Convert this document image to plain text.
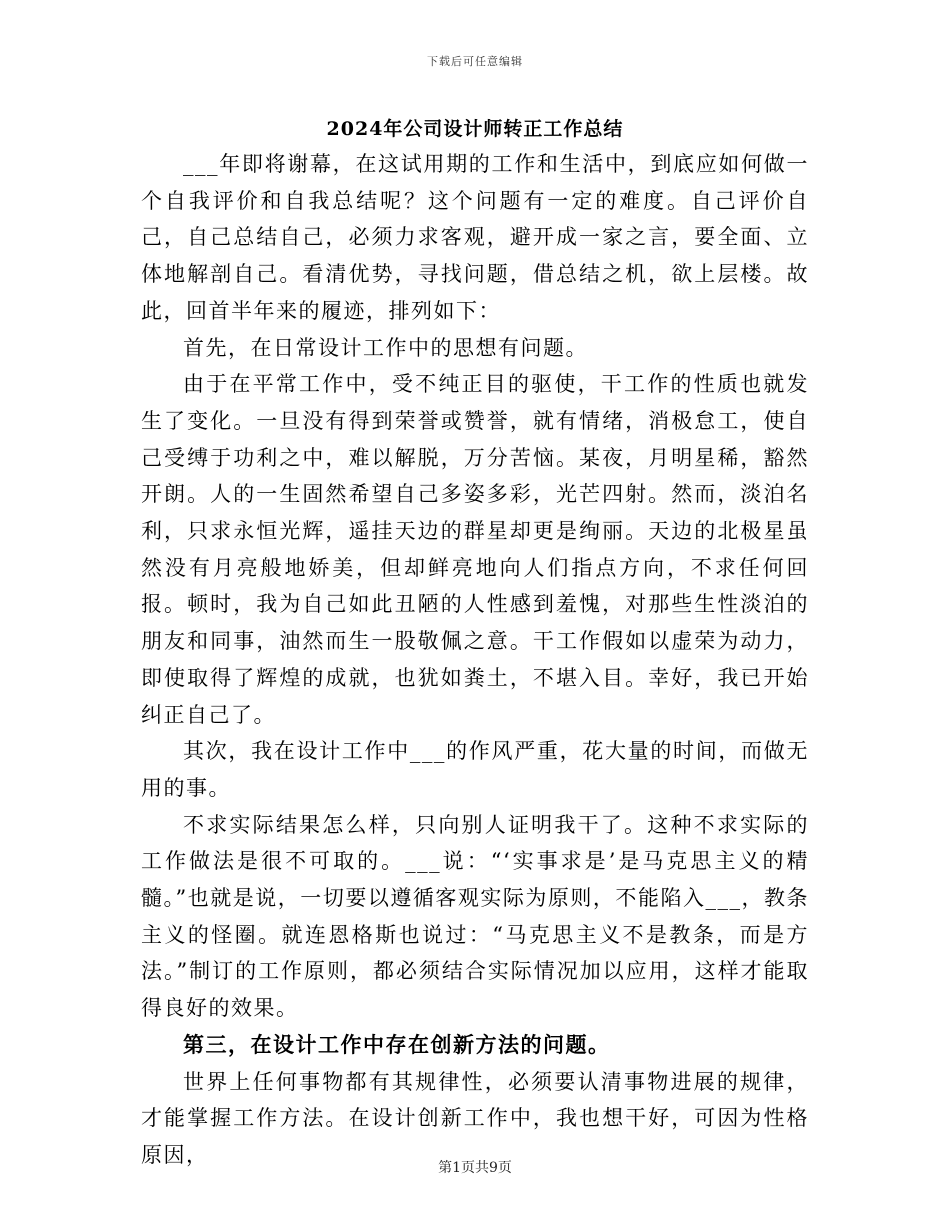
下载后可任意编辑
2024年公司设计师转正工作总结

___年即将谢幕，在这试用期的工作和生活中，到底应如何做一个自我评价和自我总结呢？这个问题有一定的难度。自己评价自己，自己总结自己，必须力求客观，避开成一家之言，要全面、立体地解剖自己。看清优势，寻找问题，借总结之机，欲上层楼。故此，回首半年来的履迹，排列如下：

首先，在日常设计工作中的思想有问题。

由于在平常工作中，受不纯正目的驱使，干工作的性质也就发生了变化。一旦没有得到荣誉或赞誉，就有情绪，消极怠工，使自己受缚于功利之中，难以解脱，万分苦恼。某夜，月明星稀，豁然开朗。人的一生固然希望自己多姿多彩，光芒四射。然而，淡泊名利，只求永恒光辉，遥挂天边的群星却更是绚丽。天边的北极星虽然没有月亮般地娇美，但却鲜亮地向人们指点方向，不求任何回报。顿时，我为自己如此丑陋的人性感到羞愧，对那些生性淡泊的朋友和同事，油然而生一股敬佩之意。干工作假如以虚荣为动力，即使取得了辉煌的成就，也犹如粪土，不堪入目。幸好，我已开始纠正自己了。

其次，我在设计工作中___的作风严重，花大量的时间，而做无用的事。

不求实际结果怎么样，只向别人证明我干了。这种不求实际的工作做法是很不可取的。___说：“‘实事求是’是马克思主义的精髓。”也就是说，一切要以遵循客观实际为原则，不能陷入___，教条主义的怪圈。就连恩格斯也说过：“马克思主义不是教条，而是方法。”制订的工作原则，都必须结合实际情况加以应用，这样才能取得良好的效果。

第三，在设计工作中存在创新方法的问题。

世界上任何事物都有其规律性，必须要认清事物进展的规律，才能掌握工作方法。在设计创新工作中，我也想干好，可因为性格原因，

第1页共9页
